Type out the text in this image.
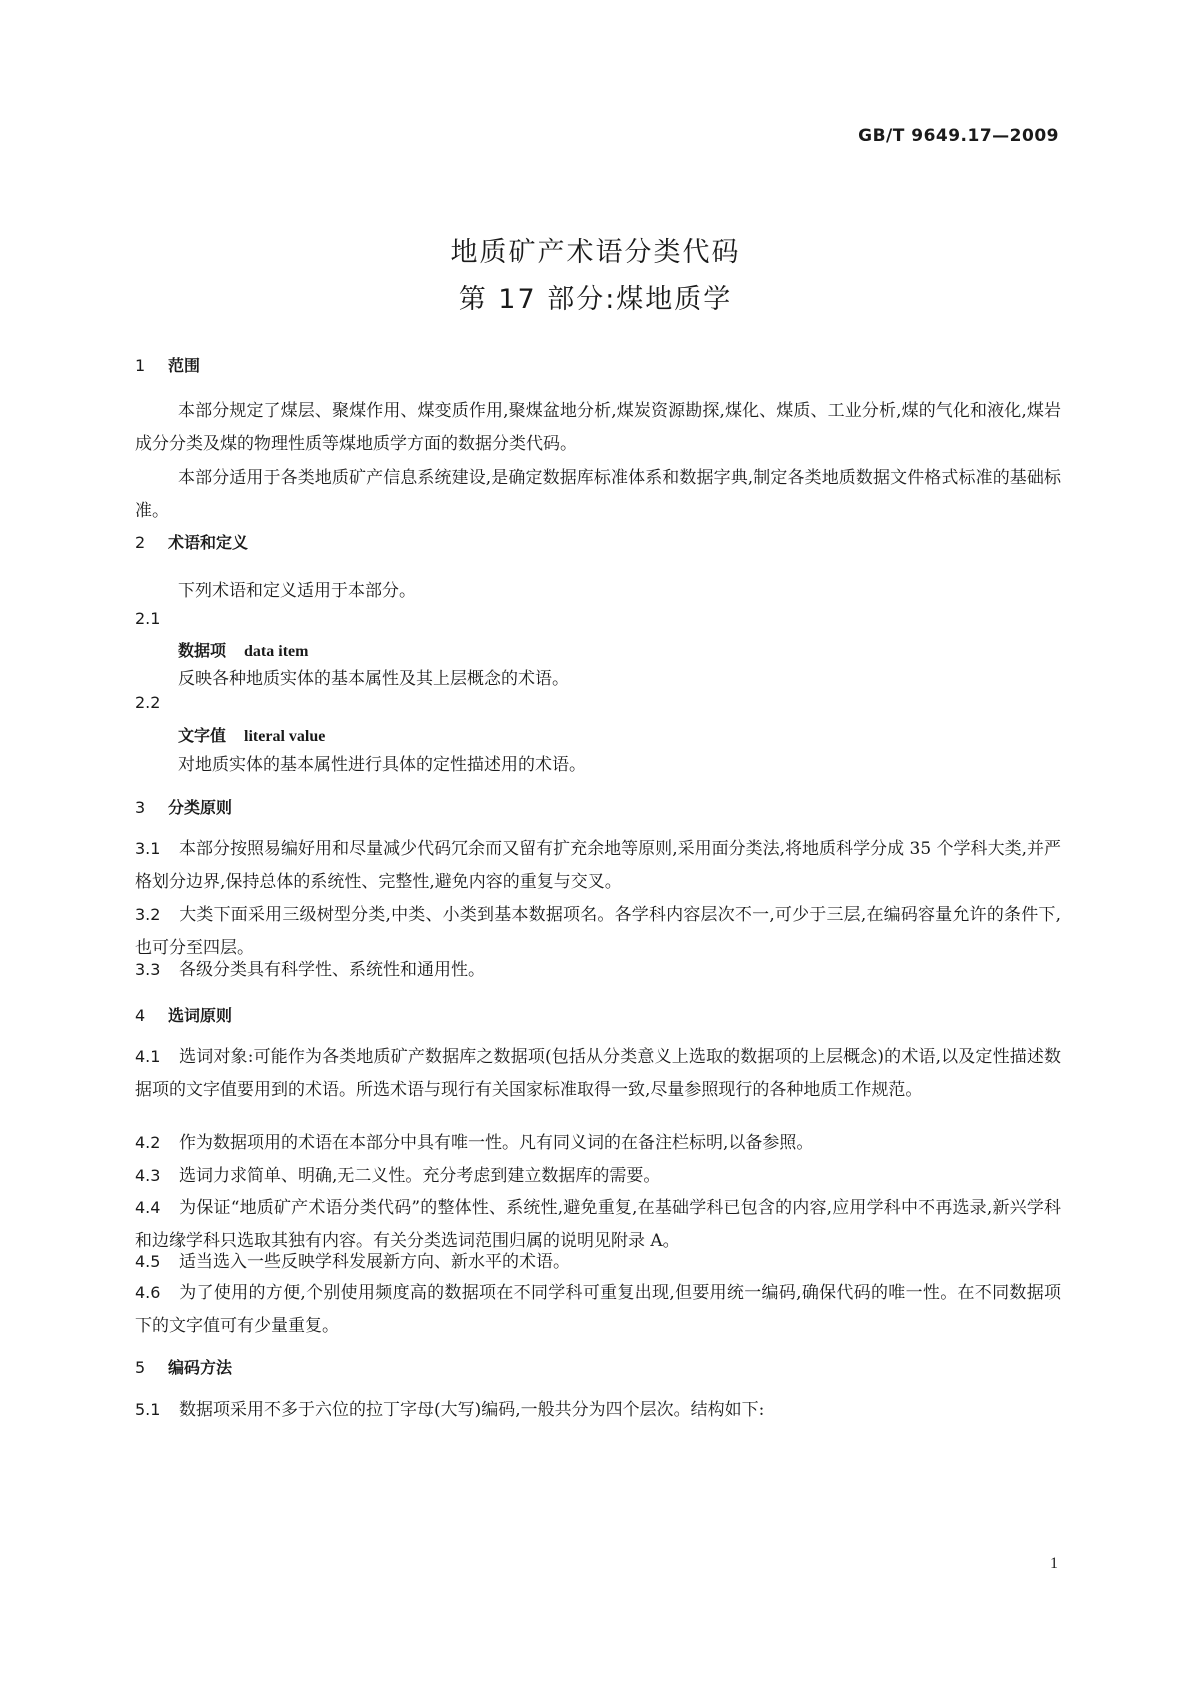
GB/T 9649.17—2009
地质矿产术语分类代码
第 17 部分:煤地质学
1 范围

本部分规定了煤层、聚煤作用、煤变质作用,聚煤盆地分析,煤炭资源勘探,煤化、煤质、工业分析,煤的气化和液化,煤岩成分分类及煤的物理性质等煤地质学方面的数据分类代码。

本部分适用于各类地质矿产信息系统建设,是确定数据库标准体系和数据字典,制定各类地质数据文件格式标准的基础标准。

2 术语和定义
下列术语和定义适用于本部分。
2.1
数据项 data item
反映各种地质实体的基本属性及其上层概念的术语。
2.2
文字值 literal value
对地质实体的基本属性进行具体的定性描述用的术语。
3 分类原则

3.1 本部分按照易编好用和尽量减少代码冗余而又留有扩充余地等原则,采用面分类法,将地质科学分成 35 个学科大类,并严格划分边界,保持总体的系统性、完整性,避免内容的重复与交叉。

3.2 大类下面采用三级树型分类,中类、小类到基本数据项名。各学科内容层次不一,可少于三层,在编码容量允许的条件下,也可分至四层。

3.3 各级分类具有科学性、系统性和通用性。

4 选词原则

4.1 选词对象:可能作为各类地质矿产数据库之数据项(包括从分类意义上选取的数据项的上层概念)的术语,以及定性描述数据项的文字值要用到的术语。所选术语与现行有关国家标准取得一致,尽量参照现行的各种地质工作规范。

4.2 作为数据项用的术语在本部分中具有唯一性。凡有同义词的在备注栏标明,以备参照。

4.3 选词力求简单、明确,无二义性。充分考虑到建立数据库的需要。

4.4 为保证“地质矿产术语分类代码”的整体性、系统性,避免重复,在基础学科已包含的内容,应用学科中不再选录,新兴学科和边缘学科只选取其独有内容。有关分类选词范围归属的说明见附录 A。

4.5 适当选入一些反映学科发展新方向、新水平的术语。

4.6 为了使用的方便,个别使用频度高的数据项在不同学科可重复出现,但要用统一编码,确保代码的唯一性。在不同数据项下的文字值可有少量重复。

5 编码方法

5.1 数据项采用不多于六位的拉丁字母(大写)编码,一般共分为四个层次。结构如下:

1
